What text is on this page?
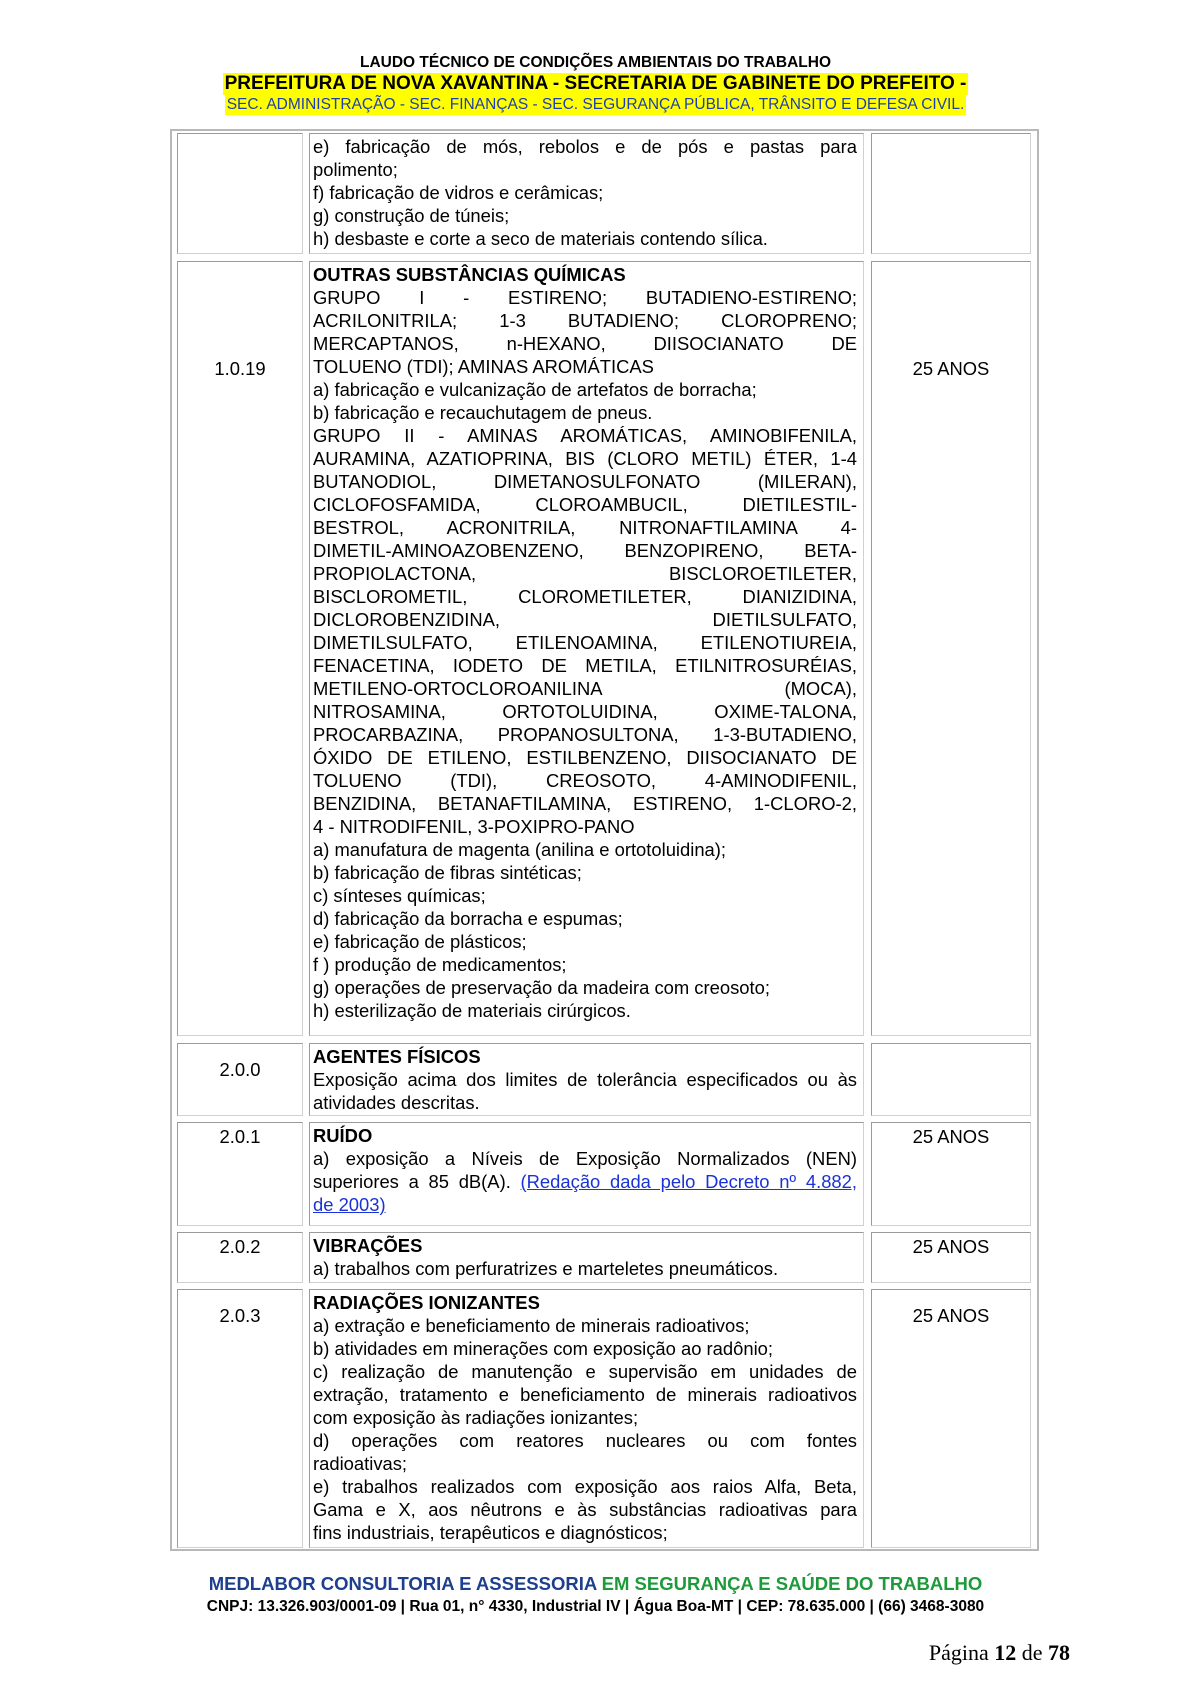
LAUDO TÉCNICO DE CONDIÇÕES AMBIENTAIS DO TRABALHO
PREFEITURA DE NOVA XAVANTINA - SECRETARIA DE GABINETE DO PREFEITO -
SEC. ADMINISTRAÇÃO - SEC. FINANÇAS - SEC. SEGURANÇA PÚBLICA, TRÂNSITO E DEFESA CIVIL.
e) fabricação de mós, rebolos e de pós e pastas para
polimento;
f) fabricação de vidros e cerâmicas;
g) construção de túneis;
h) desbaste e corte a seco de materiais contendo sílica.
1.0.19
OUTRAS SUBSTÂNCIAS QUÍMICAS
GRUPO I - ESTIRENO; BUTADIENO-ESTIRENO;
ACRILONITRILA; 1-3 BUTADIENO; CLOROPRENO;
MERCAPTANOS, n-HEXANO, DIISOCIANATO DE
TOLUENO (TDI); AMINAS AROMÁTICAS
a) fabricação e vulcanização de artefatos de borracha;
b) fabricação e recauchutagem de pneus.
GRUPO II - AMINAS AROMÁTICAS, AMINOBIFENILA,
AURAMINA, AZATIOPRINA, BIS (CLORO METIL) ÉTER, 1-4
BUTANODIOL, DIMETANOSULFONATO (MILERAN),
CICLOFOSFAMIDA, CLOROAMBUCIL, DIETILESTIL-
BESTROL, ACRONITRILA, NITRONAFTILAMINA 4-
DIMETIL-AMINOAZOBENZENO, BENZOPIRENO, BETA-
PROPIOLACTONA, BISCLOROETILETER,
BISCLOROMETIL, CLOROMETILETER, DIANIZIDINA,
DICLOROBENZIDINA, DIETILSULFATO,
DIMETILSULFATO, ETILENOAMINA, ETILENOTIUREIA,
FENACETINA, IODETO DE METILA, ETILNITROSURÉIAS,
METILENO-ORTOCLOROANILINA (MOCA),
NITROSAMINA, ORTOTOLUIDINA, OXIME-TALONA,
PROCARBAZINA, PROPANOSULTONA, 1-3-BUTADIENO,
ÓXIDO DE ETILENO, ESTILBENZENO, DIISOCIANATO DE
TOLUENO (TDI), CREOSOTO, 4-AMINODIFENIL,
BENZIDINA, BETANAFTILAMINA, ESTIRENO, 1-CLORO-2,
4 - NITRODIFENIL, 3-POXIPRO-PANO
a) manufatura de magenta (anilina e ortotoluidina);
b) fabricação de fibras sintéticas;
c) sínteses químicas;
d) fabricação da borracha e espumas;
e) fabricação de plásticos;
f ) produção de medicamentos;
g) operações de preservação da madeira com creosoto;
h) esterilização de materiais cirúrgicos.
25 ANOS
2.0.0
AGENTES FÍSICOS
Exposição acima dos limites de tolerância especificados ou às
atividades descritas.
2.0.1	RUÍDO
a) exposição a Níveis de Exposição Normalizados (NEN)
superiores a 85 dB(A). (Redação dada pelo Decreto nº 4.882,
de 2003)
25 ANOS
2.0.2	VIBRAÇÕES
a) trabalhos com perfuratrizes e marteletes pneumáticos.
25 ANOS
2.0.3
RADIAÇÕES IONIZANTES
a) extração e beneficiamento de minerais radioativos;
b) atividades em minerações com exposição ao radônio;
c) realização de manutenção e supervisão em unidades de
extração, tratamento e beneficiamento de minerais radioativos
com exposição às radiações ionizantes;
d) operações com reatores nucleares ou com fontes
radioativas;
e) trabalhos realizados com exposição aos raios Alfa, Beta,
Gama e X, aos nêutrons e às substâncias radioativas para
fins industriais, terapêuticos e diagnósticos;
25 ANOS
MEDLABOR CONSULTORIA E ASSESSORIA EM SEGURANÇA E SAÚDE DO TRABALHO
CNPJ: 13.326.903/0001-09 | Rua 01, n° 4330, Industrial IV | Água Boa-MT | CEP: 78.635.000 | (66) 3468-3080
Página 12 de 78
